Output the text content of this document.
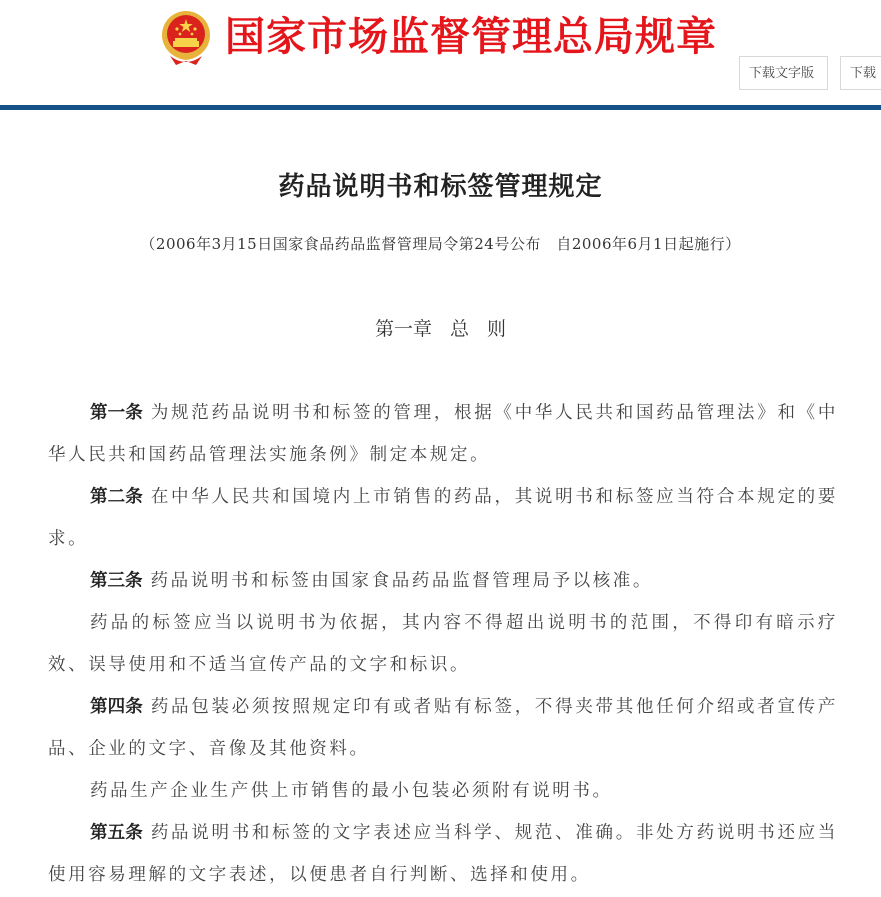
国家市场监督管理总局规章
下载文字版	下载
药品说明书和标签管理规定
（2006年3月15日国家食品药品监督管理局令第24号公布　自2006年6月1日起施行）
第一章 总 则

第一条 为规范药品说明书和标签的管理，根据《中华人民共和国药品管理法》和《中华人民共和国药品管理法实施条例》制定本规定。

第二条 在中华人民共和国境内上市销售的药品，其说明书和标签应当符合本规定的要求。

第三条 药品说明书和标签由国家食品药品监督管理局予以核准。

药品的标签应当以说明书为依据，其内容不得超出说明书的范围，不得印有暗示疗效、误导使用和不适当宣传产品的文字和标识。

第四条 药品包装必须按照规定印有或者贴有标签，不得夹带其他任何介绍或者宣传产品、企业的文字、音像及其他资料。

药品生产企业生产供上市销售的最小包装必须附有说明书。

第五条 药品说明书和标签的文字表述应当科学、规范、准确。非处方药说明书还应当使用容易理解的文字表述，以便患者自行判断、选择和使用。
